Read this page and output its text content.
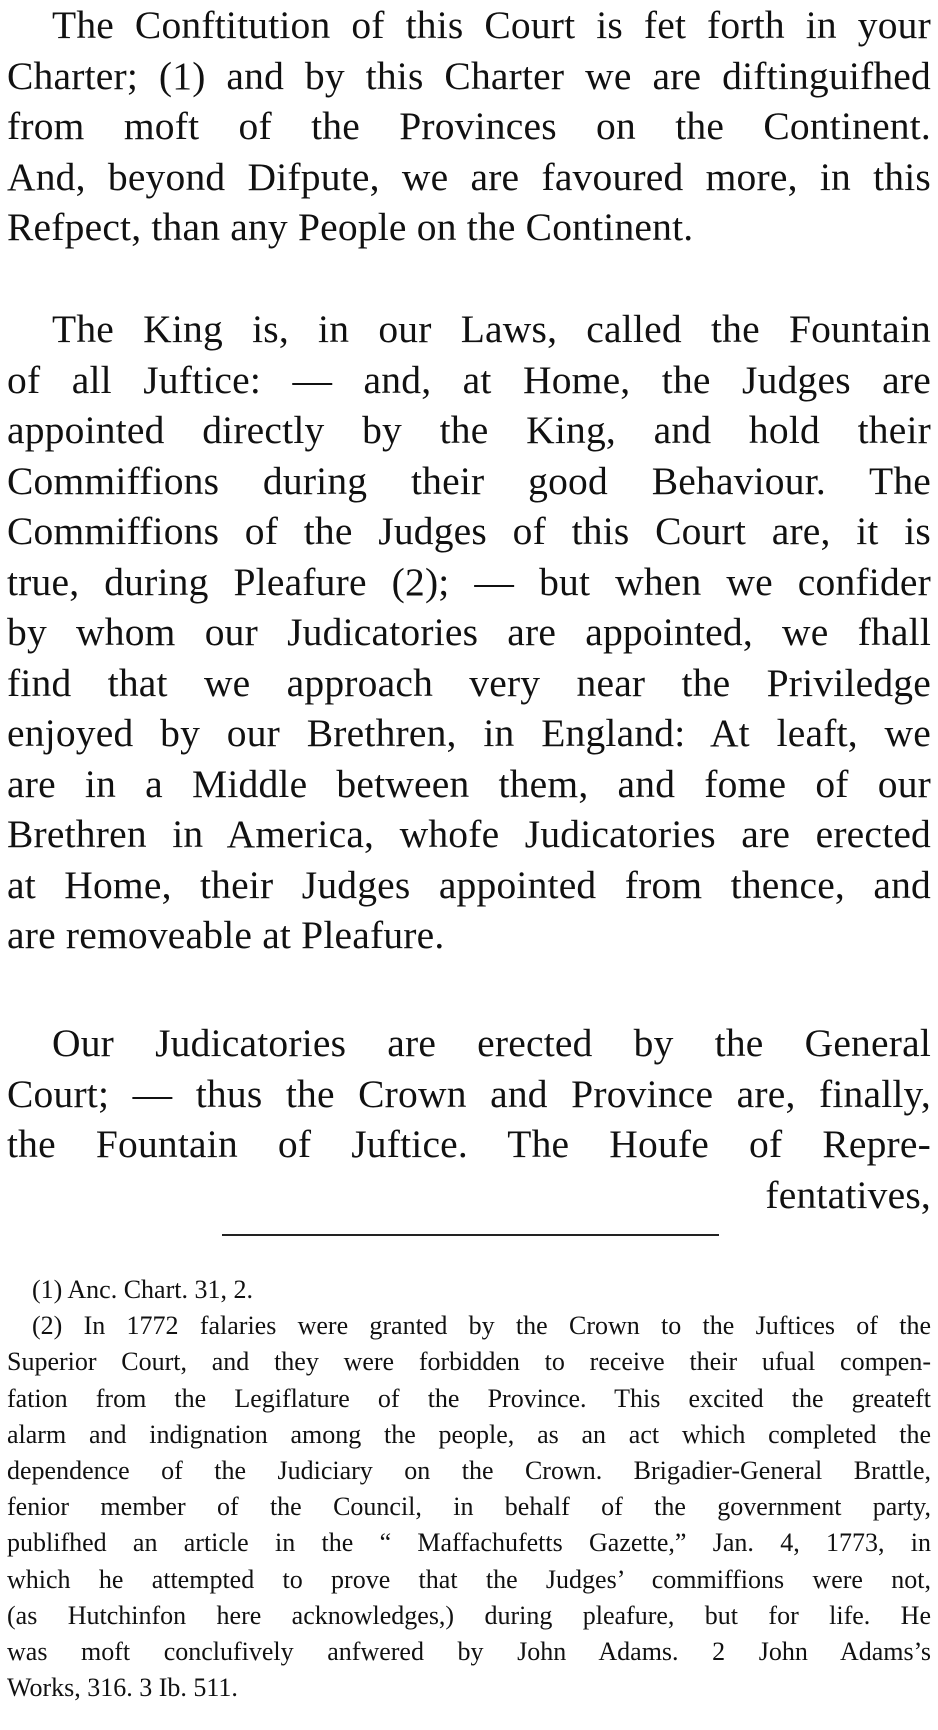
The Conftitution of this Court is fet forth in your
Charter; (1) and by this Charter we are diftinguifhed
from moft of the Provinces on the Continent.
And, beyond Difpute, we are favoured more, in this
Refpect, than any People on the Continent.

The King is, in our Laws, called the Fountain
of all Juftice: — and, at Home, the Judges are
appointed directly by the King, and hold their
Commiffions during their good Behaviour. The
Commiffions of the Judges of this Court are, it is
true, during Pleafure (2); — but when we confider
by whom our Judicatories are appointed, we fhall
find that we approach very near the Priviledge
enjoyed by our Brethren, in England: At leaft, we
are in a Middle between them, and fome of our
Brethren in America, whofe Judicatories are erected
at Home, their Judges appointed from thence, and
are removeable at Pleafure.

Our Judicatories are erected by the General
Court; — thus the Crown and Province are, finally,
the Fountain of Juftice. The Houfe of Repre-
fentatives,

(1) Anc. Chart. 31, 2.

(2) In 1772 falaries were granted by the Crown to the Juftices of the
Superior Court, and they were forbidden to receive their ufual compen-
fation from the Legiflature of the Province. This excited the greateft
alarm and indignation among the people, as an act which completed the
dependence of the Judiciary on the Crown. Brigadier-General Brattle,
fenior member of the Council, in behalf of the government party,
publifhed an article in the “ Maffachufetts Gazette,” Jan. 4, 1773, in
which he attempted to prove that the Judges’ commiffions were not,
(as Hutchinfon here acknowledges,) during pleafure, but for life. He
was moft conclufively anfwered by John Adams. 2 John Adams’s
Works, 316. 3 Ib. 511.
